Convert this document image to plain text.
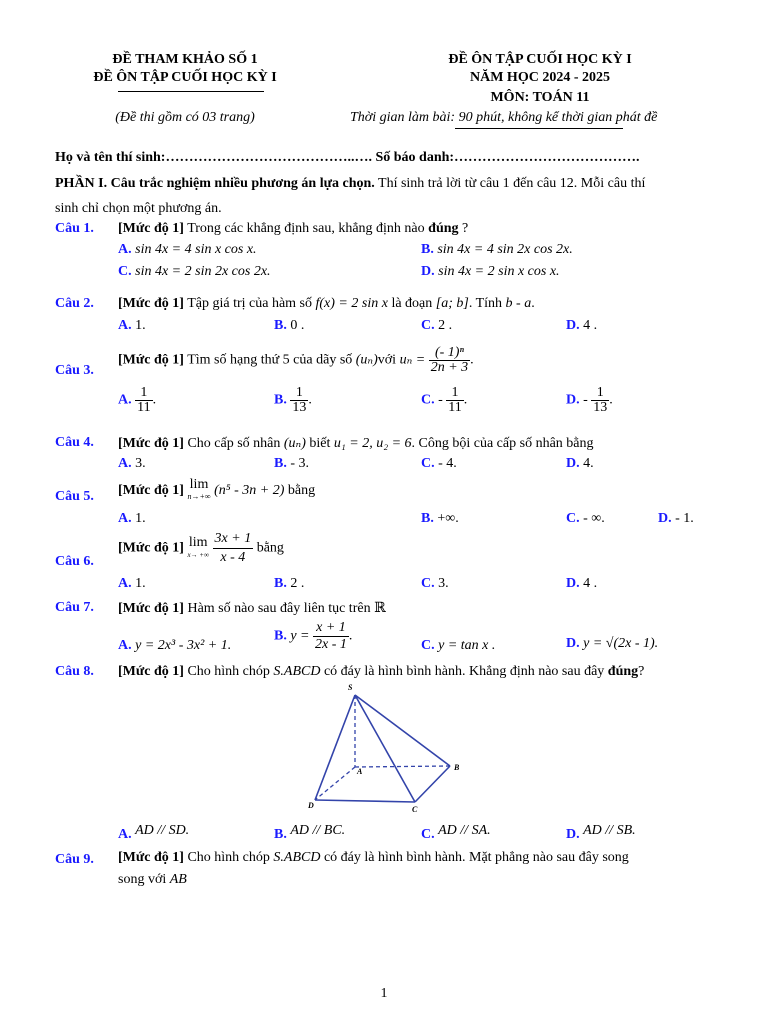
ĐỀ THAM KHẢO SỐ 1
ĐỀ ÔN TẬP CUỐI HỌC KỲ I
(Đề thi gồm có 03 trang)
ĐỀ ÔN TẬP CUỐI HỌC KỲ I
NĂM HỌC 2024 - 2025
MÔN: TOÁN 11
Thời gian làm bài: 90 phút, không kể thời gian phát đề
Họ và tên thí sinh:…………………………………..…. Số báo danh:………………………………….
PHẦN I. Câu trắc nghiệm nhiều phương án lựa chọn. Thí sinh trả lời từ câu 1 đến câu 12. Mỗi câu thí
sinh chỉ chọn một phương án.
Câu 1. [Mức độ 1] Trong các khẳng định sau, khẳng định nào đúng ?
A. sin 4x = 4 sin x cos x.	B. sin 4x = 4 sin 2x cos 2x.
C. sin 4x = 2 sin 2x cos 2x.	D. sin 4x = 2 sin x cos x.
Câu 2. [Mức độ 1] Tập giá trị của hàm số f(x) = 2 sin x là đoạn [a; b]. Tính b - a.
A. 1.	B. 0 .	C. 2 .	D. 4 .
Câu 3.
[Mức độ 1] Tìm số hạng thứ 5 của dãy số (uₙ)với $u_n = \frac{\text{(- 1)ⁿ}}{2n + 3}$ .
A. $\frac{1}{11}$ .	B. $\frac{1}{13}$ .	C. - $\frac{1}{11}$ .	D. - $\frac{1}{13}$ .
Câu 4. [Mức độ 1] Cho cấp số nhân (uₙ) biết u₁ = 2, u₂ = 6. Công bội của cấp số nhân bằng
A. 3.	B. - 3.	C. - 4.	D. 4.
Câu 5. [Mức độ 1] lim
n→+∞ (n⁵ - 3n + 2) bằng
A. 1.	B. +∞.	C. - ∞.	D. - 1.
Câu 6.
[Mức độ 1] lim
x→ +∞
$\frac{3x + 1}{x - 4}$ bằng
A. 1.	B. 2 .	C. 3.	D. 4 .
Câu 7. [Mức độ 1] Hàm số nào sau đây liên tục trên ℝ
A. y = 2x³ - 3x² + 1.
B. $y = \frac{x + 1}{2x - 1}$ .
C. y = tan x .	D. y = √(2x - 1).
Câu 8. [Mức độ 1] Cho hình chóp S.ABCD có đáy là hình bình hành. Khẳng định nào sau đây đúng?
S
A	B
C
D
A. AD // SD.	B. AD // BC.	C. AD // SA.	D. AD // SB.
Câu 9. [Mức độ 1] Cho hình chóp S.ABCD có đáy là hình bình hành. Mặt phẳng nào sau đây song
song với AB
1
